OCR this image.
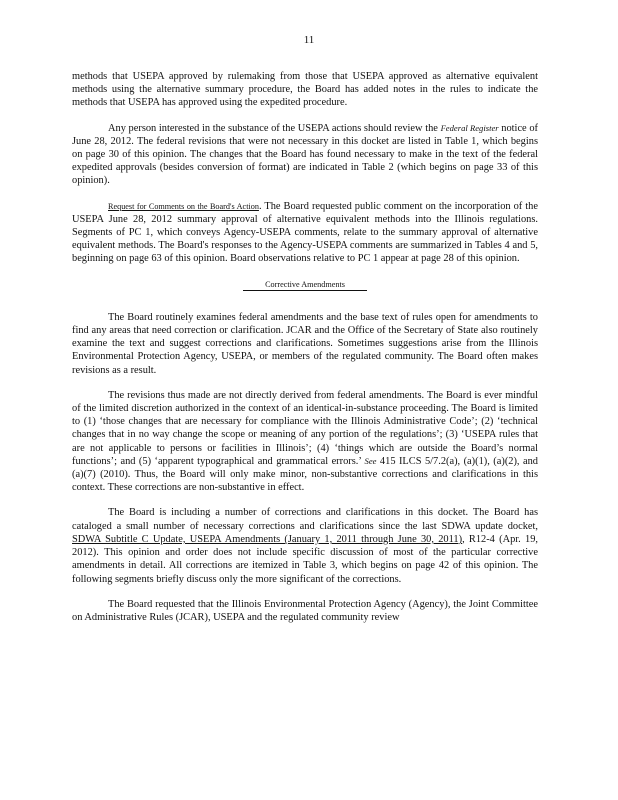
11

methods that USEPA approved by rulemaking from those that USEPA approved as alternative equivalent methods using the alternative summary procedure, the Board has added notes in the rules to indicate the methods that USEPA has approved using the expedited procedure.

Any person interested in the substance of the USEPA actions should review the Federal Register notice of June 28, 2012. The federal revisions that were not necessary in this docket are listed in Table 1, which begins on page 30 of this opinion. The changes that the Board has found necessary to make in the text of the federal expedited approvals (besides conversion of format) are indicated in Table 2 (which begins on page 33 of this opinion).

Request for Comments on the Board's Action. The Board requested public comment on the incorporation of the USEPA June 28, 2012 summary approval of alternative equivalent methods into the Illinois regulations. Segments of PC 1, which conveys Agency-USEPA comments, relate to the summary approval of alternative equivalent methods. The Board's responses to the Agency-USEPA comments are summarized in Tables 4 and 5, beginning on page 63 of this opinion. Board observations relative to PC 1 appear at page 28 of this opinion.

Corrective Amendments

The Board routinely examines federal amendments and the base text of rules open for amendments to find any areas that need correction or clarification. JCAR and the Office of the Secretary of State also routinely examine the text and suggest corrections and clarifications. Sometimes suggestions arise from the Illinois Environmental Protection Agency, USEPA, or members of the regulated community. The Board often makes revisions as a result.

The revisions thus made are not directly derived from federal amendments. The Board is ever mindful of the limited discretion authorized in the context of an identical-in-substance proceeding. The Board is limited to (1) ‘those changes that are necessary for compliance with the Illinois Administrative Code’; (2) ‘technical changes that in no way change the scope or meaning of any portion of the regulations’; (3) ‘USEPA rules that are not applicable to persons or facilities in Illinois’; (4) ‘things which are outside the Board’s normal functions’; and (5) ‘apparent typographical and grammatical errors.’ See 415 ILCS 5/7.2(a), (a)(1), (a)(2), and (a)(7) (2010). Thus, the Board will only make minor, non-substantive corrections and clarifications in this context. These corrections are non-substantive in effect.

The Board is including a number of corrections and clarifications in this docket. The Board has cataloged a small number of necessary corrections and clarifications since the last SDWA update docket, SDWA Subtitle C Update, USEPA Amendments (January 1, 2011 through June 30, 2011), R12-4 (Apr. 19, 2012). This opinion and order does not include specific discussion of most of the particular corrective amendments in detail. All corrections are itemized in Table 3, which begins on page 42 of this opinion. The following segments briefly discuss only the more significant of the corrections.

The Board requested that the Illinois Environmental Protection Agency (Agency), the Joint Committee on Administrative Rules (JCAR), USEPA and the regulated community review
